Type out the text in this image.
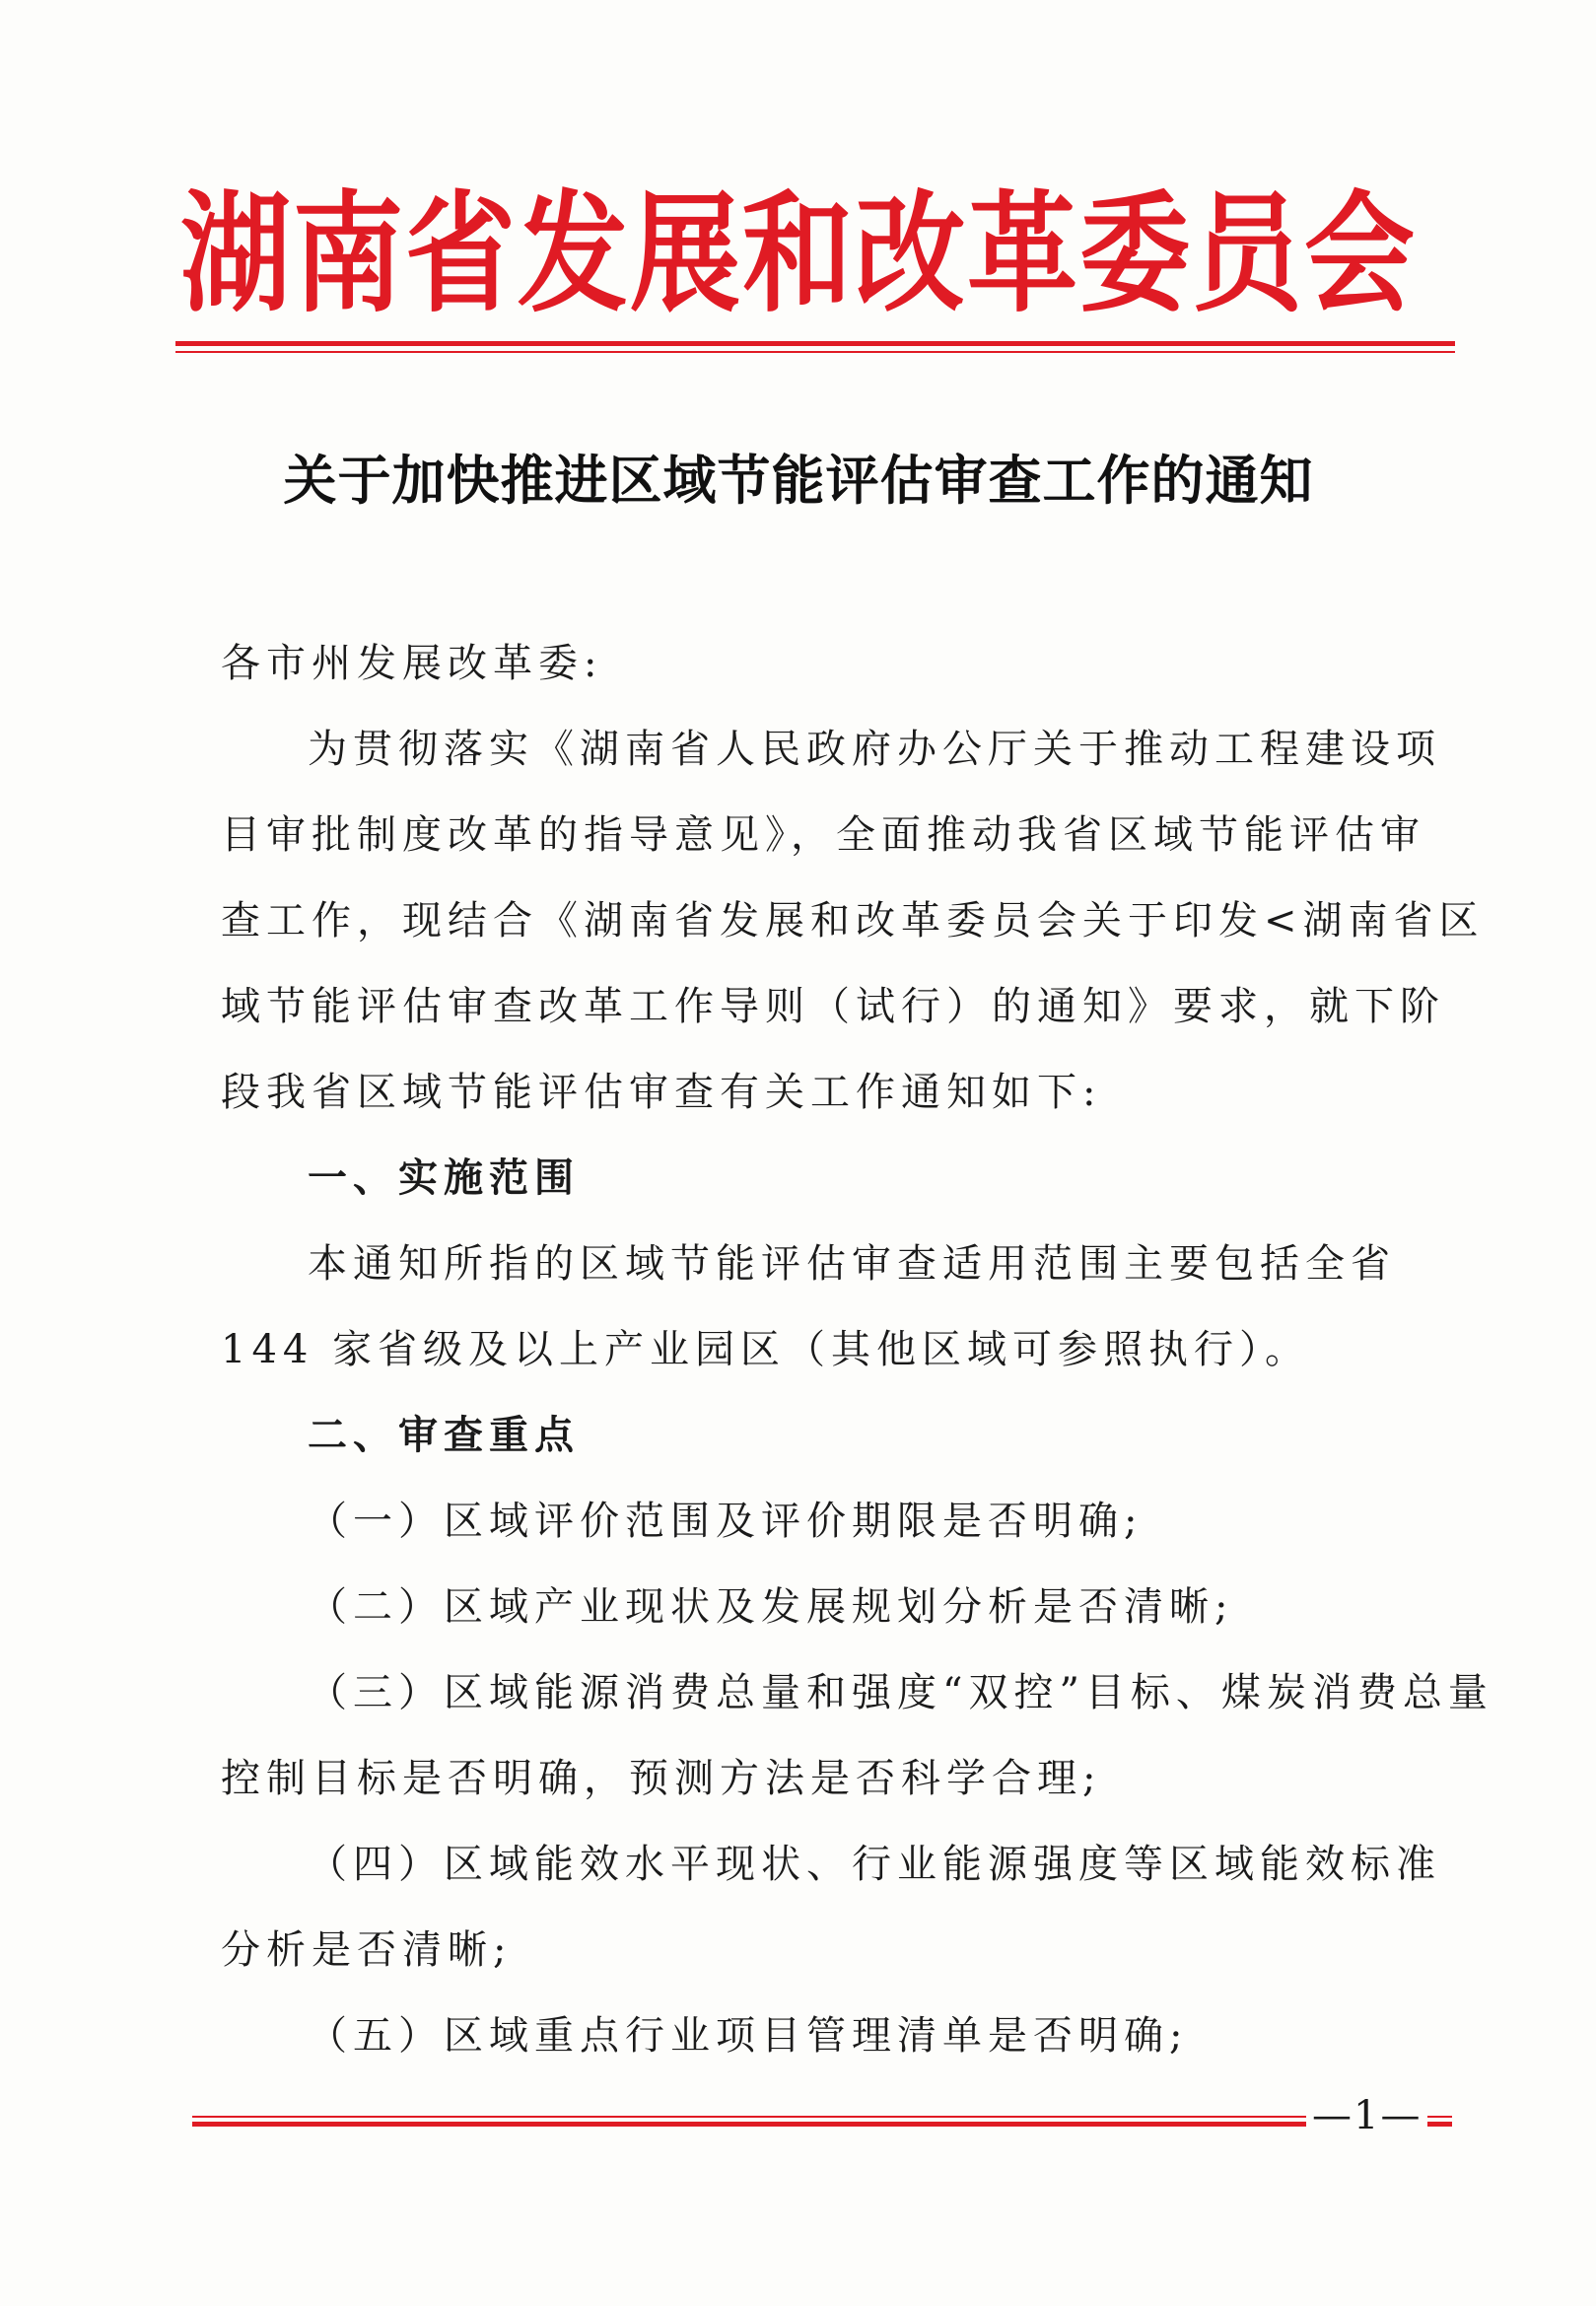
湖南省发展和改革委员会
关于加快推进区域节能评估审查工作的通知
各市州发展改革委:
为贯彻落实《湖南省人民政府办公厅关于推动工程建设项
目审批制度改革的指导意见》，全面推动我省区域节能评估审
查工作，现结合《湖南省发展和改革委员会关于印发<湖南省区
域节能评估审查改革工作导则（试行）的通知》要求，就下阶
段我省区域节能评估审查有关工作通知如下:
一、实施范围
本通知所指的区域节能评估审查适用范围主要包括全省
144 家省级及以上产业园区（其他区域可参照执行）。
二、审查重点
（一）区域评价范围及评价期限是否明确;
（二）区域产业现状及发展规划分析是否清晰;
（三）区域能源消费总量和强度“双控”目标、煤炭消费总量
控制目标是否明确，预测方法是否科学合理;
（四）区域能效水平现状、行业能源强度等区域能效标准
分析是否清晰;
（五）区域重点行业项目管理清单是否明确;
—1—
